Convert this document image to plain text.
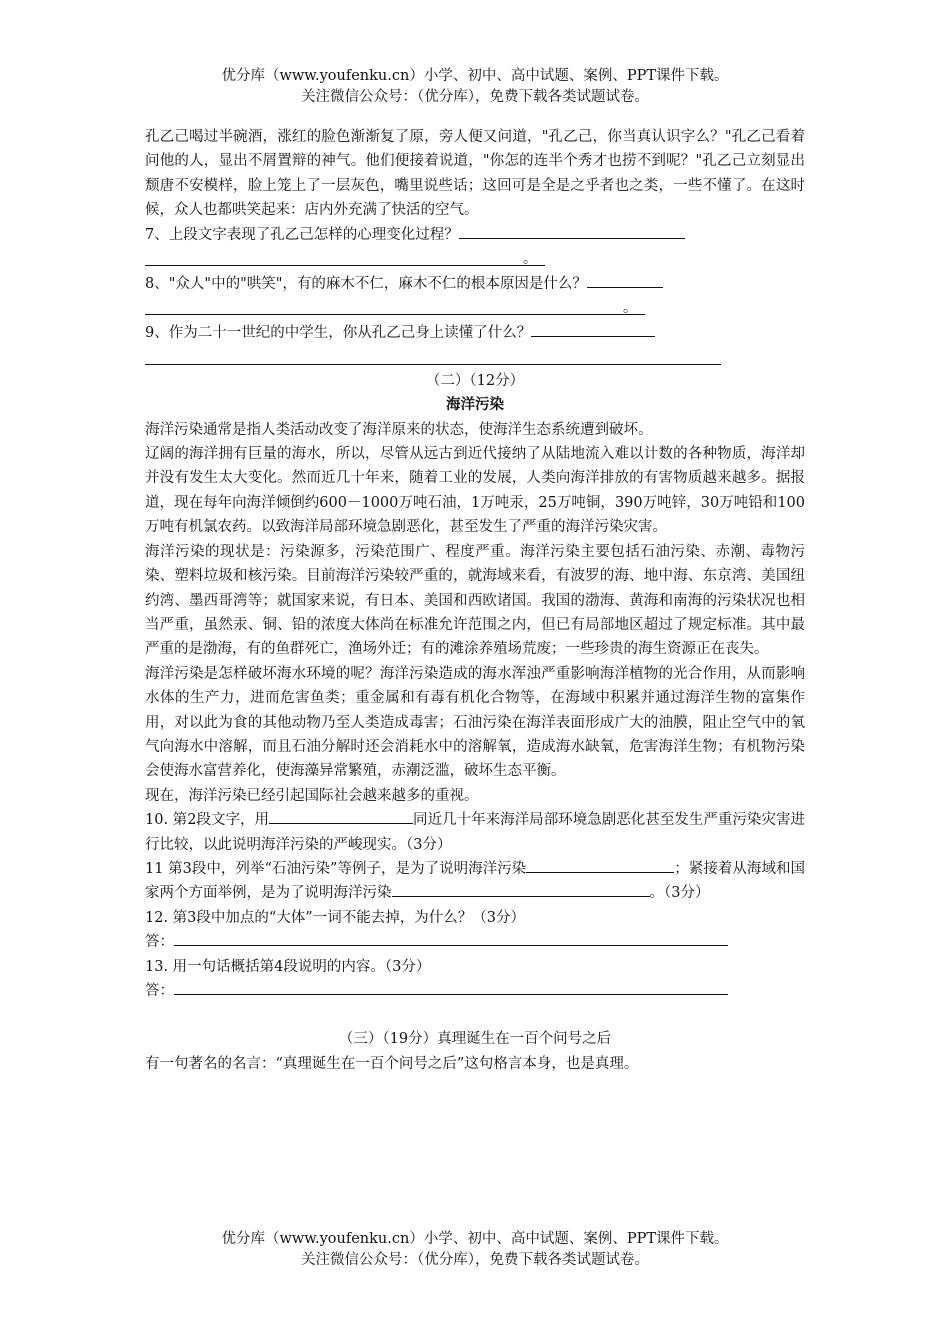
优分库（www.youfenku.cn）小学、初中、高中试题、案例、PPT课件下载。
关注微信公众号：（优分库），免费下载各类试题试卷。

孔乙己喝过半碗酒，涨红的脸色渐渐复了原，旁人便又问道，"孔乙己，你当真认识字么？"孔乙己看着问他的人，显出不屑置辩的神气。他们便接着说道，"你怎的连半个秀才也捞不到呢？"孔乙己立刻显出颓唐不安模样，脸上笼上了一层灰色，嘴里说些话；这回可是全是之乎者也之类，一些不懂了。在这时候，众人也都哄笑起来：店内外充满了快活的空气。

7、上段文字表现了孔乙己怎样的心理变化过程？

。

8、"众人"中的"哄笑"，有的麻木不仁，麻木不仁的根本原因是什么？

。

9、作为二十一世纪的中学生，你从孔乙己身上读懂了什么？

（二）（12分）

海洋污染

海洋污染通常是指人类活动改变了海洋原来的状态，使海洋生态系统遭到破坏。

辽阔的海洋拥有巨量的海水，所以，尽管从远古到近代接纳了从陆地流入难以计数的各种物质，海洋却并没有发生太大变化。然而近几十年来，随着工业的发展，人类向海洋排放的有害物质越来越多。据报道，现在每年向海洋倾倒约600－1000万吨石油，1万吨汞，25万吨铜，390万吨锌，30万吨铅和100万吨有机氯农药。以致海洋局部环境急剧恶化，甚至发生了严重的海洋污染灾害。

海洋污染的现状是：污染源多，污染范围广、程度严重。海洋污染主要包括石油污染、赤潮、毒物污染、塑料垃圾和核污染。目前海洋污染较严重的，就海域来看，有波罗的海、地中海、东京湾、美国纽约湾、墨西哥湾等；就国家来说，有日本、美国和西欧诸国。我国的渤海、黄海和南海的污染状况也相当严重，虽然汞、铜、铅的浓度大体尚在标准允许范围之内，但已有局部地区超过了规定标准。其中最严重的是渤海，有的鱼群死亡，渔场外迁；有的滩涂养殖场荒废；一些珍贵的海生资源正在丧失。

海洋污染是怎样破坏海水环境的呢？海洋污染造成的海水浑浊严重影响海洋植物的光合作用，从而影响水体的生产力，进而危害鱼类；重金属和有毒有机化合物等，在海域中积累并通过海洋生物的富集作用，对以此为食的其他动物乃至人类造成毒害；石油污染在海洋表面形成广大的油膜，阻止空气中的氧气向海水中溶解，而且石油分解时还会消耗水中的溶解氧，造成海水缺氧，危害海洋生物；有机物污染会使海水富营养化，使海藻异常繁殖，赤潮泛滥，破坏生态平衡。

现在，海洋污染已经引起国际社会越来越多的重视。

10. 第2段文字，用	同近几十年来海洋局部环境急剧恶化甚至发生严重污染灾害进行比较，以此说明海洋污染的严峻现实。（3分）

11 第3段中，列举“石油污染”等例子，是为了说明海洋污染	；紧接着从海域和国家两个方面举例，是为了说明海洋污染	。（3分）

12. 第3段中加点的“大体”一词不能去掉，为什么？（3分）

答：

13. 用一句话概括第4段说明的内容。（3分）

答：

（三）（19分）真理诞生在一百个问号之后

有一句著名的名言：“真理诞生在一百个问号之后”这句格言本身，也是真理。

优分库（www.youfenku.cn）小学、初中、高中试题、案例、PPT课件下载。
关注微信公众号：（优分库），免费下载各类试题试卷。
